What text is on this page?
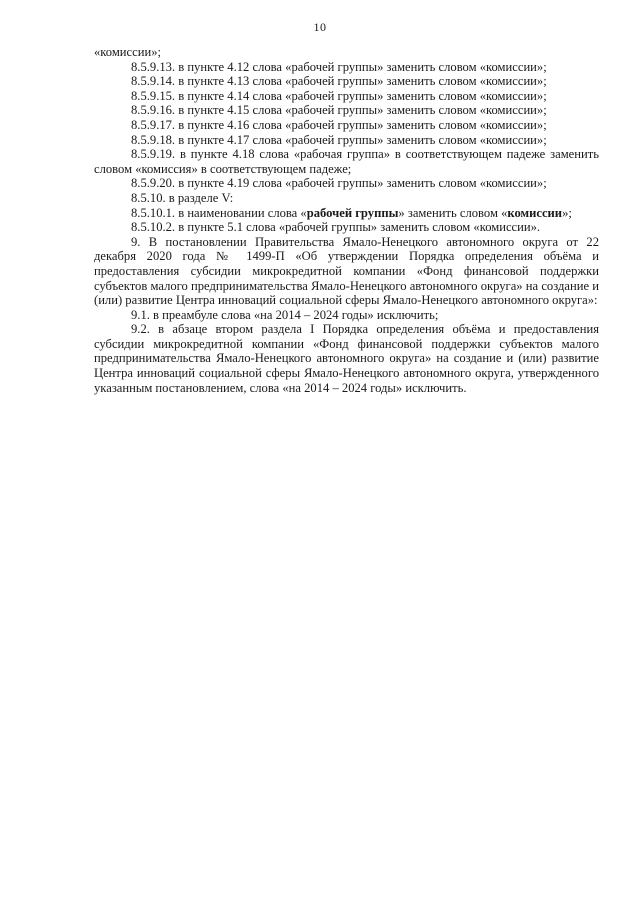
10

«комиссии»;

8.5.9.13. в пункте 4.12 слова «рабочей группы» заменить словом «комиссии»;

8.5.9.14. в пункте 4.13 слова «рабочей группы» заменить словом «комиссии»;

8.5.9.15. в пункте 4.14 слова «рабочей группы» заменить словом «комиссии»;

8.5.9.16. в пункте 4.15 слова «рабочей группы» заменить словом «комиссии»;

8.5.9.17. в пункте 4.16 слова «рабочей группы» заменить словом «комиссии»;

8.5.9.18. в пункте 4.17 слова «рабочей группы» заменить словом «комиссии»;

8.5.9.19. в пункте 4.18 слова «рабочая группа» в соответствующем падеже заменить словом «комиссия» в соответствующем падеже;

8.5.9.20. в пункте 4.19 слова «рабочей группы» заменить словом «комиссии»;

8.5.10. в разделе V:

8.5.10.1. в наименовании слова «рабочей группы» заменить словом «комиссии»;

8.5.10.2. в пункте 5.1 слова «рабочей группы» заменить словом «комиссии».

9. В постановлении Правительства Ямало-Ненецкого автономного округа от 22 декабря 2020 года № 1499-П «Об утверждении Порядка определения объёма и предоставления субсидии микрокредитной компании «Фонд финансовой поддержки субъектов малого предпринимательства Ямало-Ненецкого автономного округа» на создание и (или) развитие Центра инноваций социальной сферы Ямало-Ненецкого автономного округа»:

9.1. в преамбуле слова «на 2014 – 2024 годы» исключить;

9.2. в абзаце втором раздела I Порядка определения объёма и предоставления субсидии микрокредитной компании «Фонд финансовой поддержки субъектов малого предпринимательства Ямало-Ненецкого автономного округа» на создание и (или) развитие Центра инноваций социальной сферы Ямало-Ненецкого автономного округа, утвержденного указанным постановлением, слова «на 2014 – 2024 годы» исключить.
